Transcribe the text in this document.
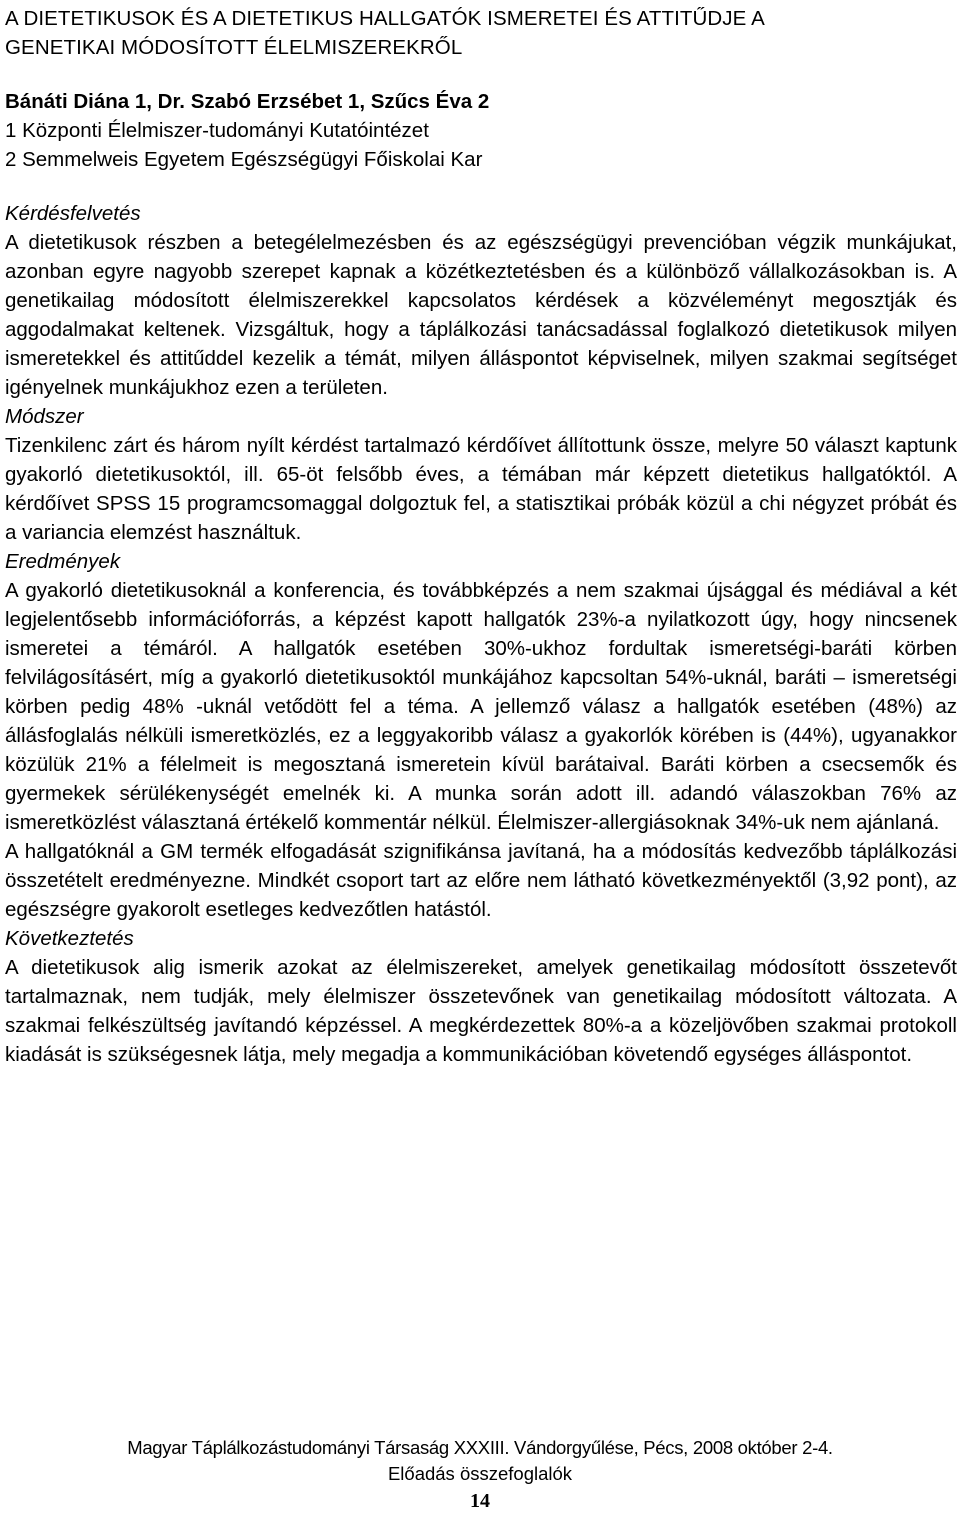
A DIETETIKUSOK ÉS A DIETETIKUS HALLGATÓK ISMERETEI ÉS ATTITŰDJE A
GENETIKAI MÓDOSÍTOTT ÉLELMISZEREKRŐL
Bánáti Diána 1, Dr. Szabó Erzsébet 1, Szűcs Éva 2
1 Központi Élelmiszer-tudományi Kutatóintézet
2 Semmelweis Egyetem Egészségügyi Főiskolai Kar
Kérdésfelvetés

A dietetikusok részben a betegélelmezésben és az egészségügyi prevencióban végzik munkájukat, azonban egyre nagyobb szerepet kapnak a közétkeztetésben és a különböző vállalkozásokban is. A genetikailag módosított élelmiszerekkel kapcsolatos kérdések a közvéleményt megosztják és aggodalmakat keltenek. Vizsgáltuk, hogy a táplálkozási tanácsadással foglalkozó dietetikusok milyen ismeretekkel és attitűddel kezelik a témát, milyen álláspontot képviselnek, milyen szakmai segítséget igényelnek munkájukhoz ezen a területen.

Módszer

Tizenkilenc zárt és három nyílt kérdést tartalmazó kérdőívet állítottunk össze, melyre 50 választ kaptunk gyakorló dietetikusoktól, ill. 65-öt felsőbb éves, a témában már képzett dietetikus hallgatóktól. A kérdőívet SPSS 15 programcsomaggal dolgoztuk fel, a statisztikai próbák közül a chi négyzet próbát és a variancia elemzést használtuk.

Eredmények

A gyakorló dietetikusoknál a konferencia, és továbbképzés a nem szakmai újsággal és médiával a két legjelentősebb információforrás, a képzést kapott hallgatók 23%-a nyilatkozott úgy, hogy nincsenek ismeretei a témáról. A hallgatók esetében 30%-ukhoz fordultak ismeretségi-baráti körben felvilágosításért, míg a gyakorló dietetikusoktól munkájához kapcsoltan 54%-uknál, baráti – ismeretségi körben pedig 48% -uknál vetődött fel a téma. A jellemző válasz a hallgatók esetében (48%) az állásfoglalás nélküli ismeretközlés, ez a leggyakoribb válasz a gyakorlók körében is (44%), ugyanakkor közülük 21% a félelmeit is megosztaná ismeretein kívül barátaival. Baráti körben a csecsemők és gyermekek sérülékenységét emelnék ki. A munka során adott ill. adandó válaszokban 76% az ismeretközlést választaná értékelő kommentár nélkül. Élelmiszer-allergiásoknak 34%-uk nem ajánlaná.

A hallgatóknál a GM termék elfogadását szignifikánsa javítaná, ha a módosítás kedvezőbb táplálkozási összetételt eredményezne. Mindkét csoport tart az előre nem látható következményektől (3,92 pont), az egészségre gyakorolt esetleges kedvezőtlen hatástól.

Következtetés

A dietetikusok alig ismerik azokat az élelmiszereket, amelyek genetikailag módosított összetevőt tartalmaznak, nem tudják, mely élelmiszer összetevőnek van genetikailag módosított változata. A szakmai felkészültség javítandó képzéssel. A megkérdezettek 80%-a a közeljövőben szakmai protokoll kiadását is szükségesnek látja, mely megadja a kommunikációban követendő egységes álláspontot.

Magyar Táplálkozástudományi Társaság XXXIII. Vándorgyűlése, Pécs, 2008 október 2-4.
Előadás összefoglalók
14
